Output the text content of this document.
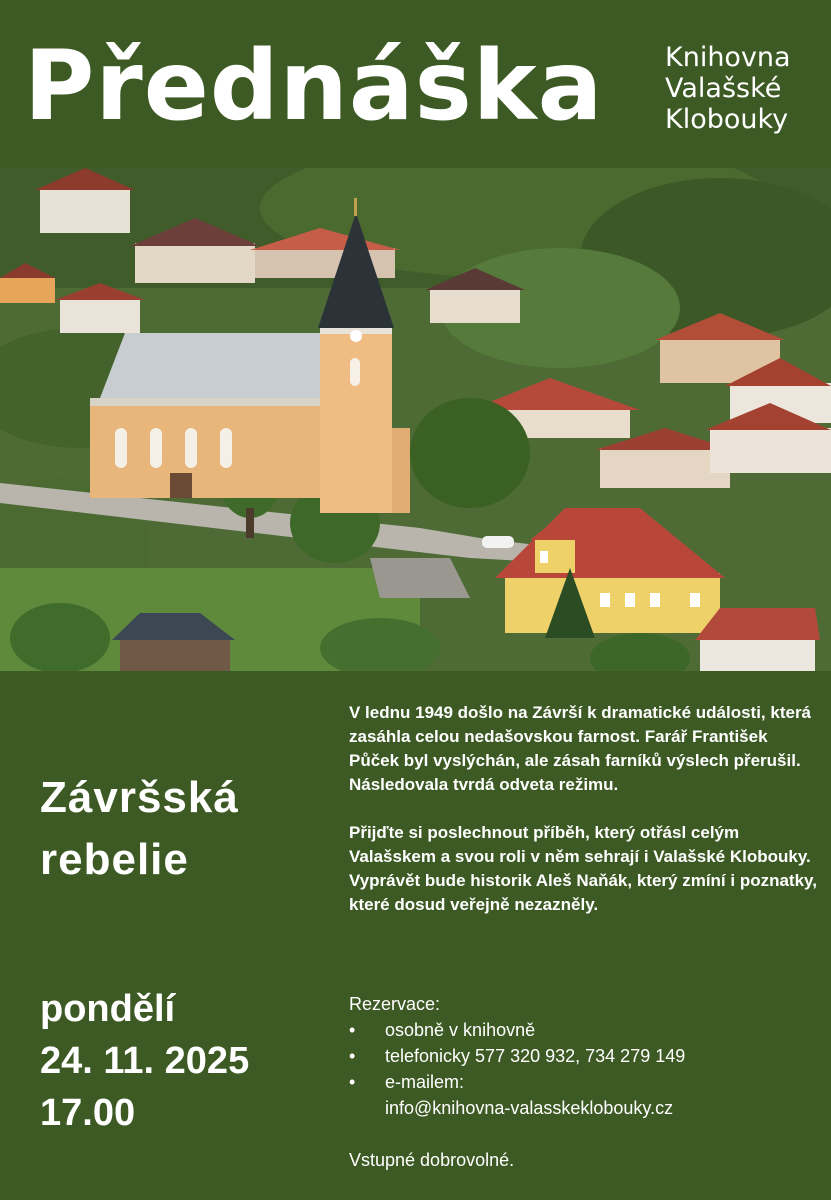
Přednáška Knihovna
Valašské
Klobouky
Závršská
rebelie
pondělí
24. 11. 2025
17.00

V lednu 1949 došlo na Závrší k dramatické události, která zasáhla celou nedašovskou farnost. Farář František Půček byl vyslýchán, ale zásah farníků výslech přerušil. Následovala tvrdá odveta režimu.

Přijďte si poslechnout příběh, který otřásl celým Valašskem a svou roli v něm sehrají i Valašské Klobouky.

Vyprávět bude historik Aleš Naňák, který zmíní i poznatky, které dosud veřejně nezazněly.

Rezervace:
• osobně v knihovně
• telefonicky 577 320 932, 734 279 149
• e-mailem:
info@knihovna-valasskeklobouky.cz
Vstupné dobrovolné.
